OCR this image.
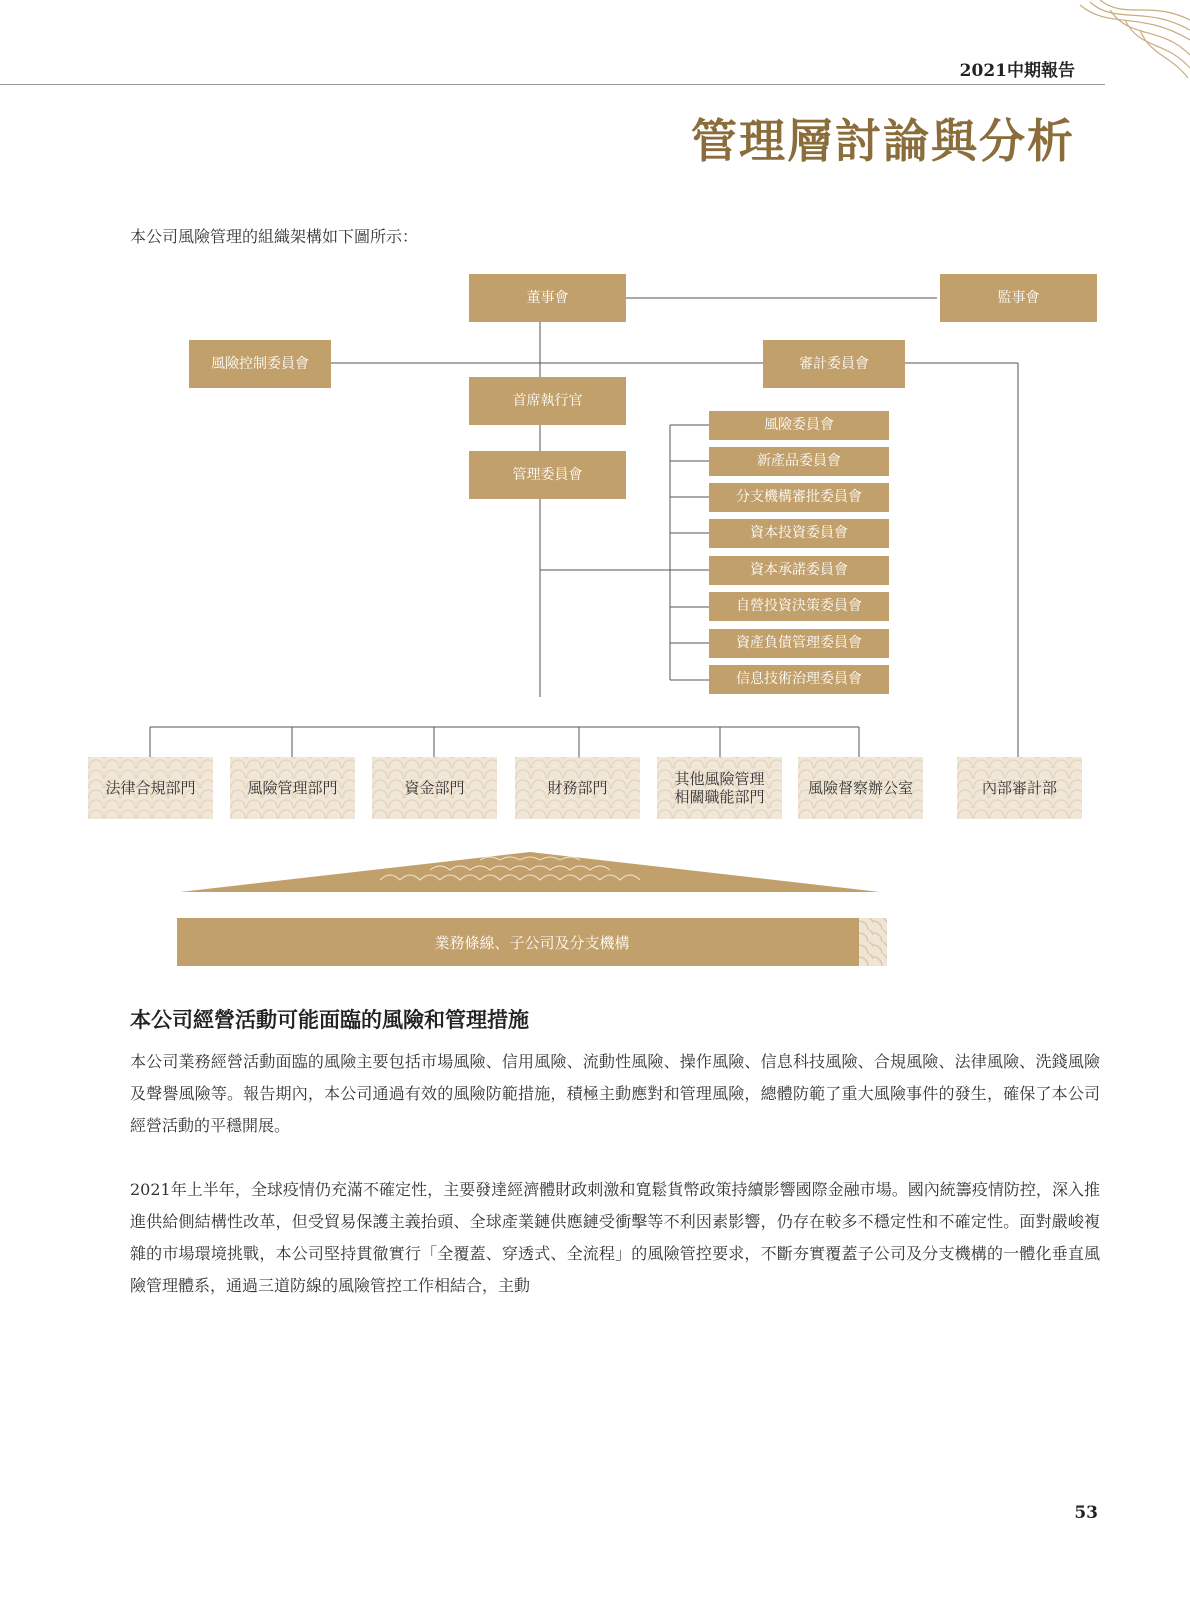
2021中期報告
管理層討論與分析
本公司風險管理的組織架構如下圖所示：
董事會	監事會
風險控制委員會	審計委員會
首席執行官
管理委員會
風險委員會
新產品委員會
分支機構審批委員會
資本投資委員會
資本承諾委員會
自營投資決策委員會
資產負債管理委員會
信息技術治理委員會
法律合規部門	風險管理部門	資金部門	財務部門	其他風險管理
相關職能部門	風險督察辦公室	內部審計部
業務條線、子公司及分支機構
本公司經營活動可能面臨的風險和管理措施
本公司業務經營活動面臨的風險主要包括市場風險、信用風險、流動性風險、操作風險、信息科技風險、合規風險、法律風險、洗錢風險及聲譽風險等。報告期內，本公司通過有效的風險防範措施，積極主動應對和管理風險，總體防範了重大風險事件的發生，確保了本公司經營活動的平穩開展。
2021年上半年，全球疫情仍充滿不確定性，主要發達經濟體財政刺激和寬鬆貨幣政策持續影響國際金融市場。國內統籌疫情防控，深入推進供給側結構性改革，但受貿易保護主義抬頭、全球產業鏈供應鏈受衝擊等不利因素影響，仍存在較多不穩定性和不確定性。面對嚴峻複雜的市場環境挑戰，本公司堅持貫徹實行「全覆蓋、穿透式、全流程」的風險管控要求，不斷夯實覆蓋子公司及分支機構的一體化垂直風險管理體系，通過三道防線的風險管控工作相結合，主動
53
